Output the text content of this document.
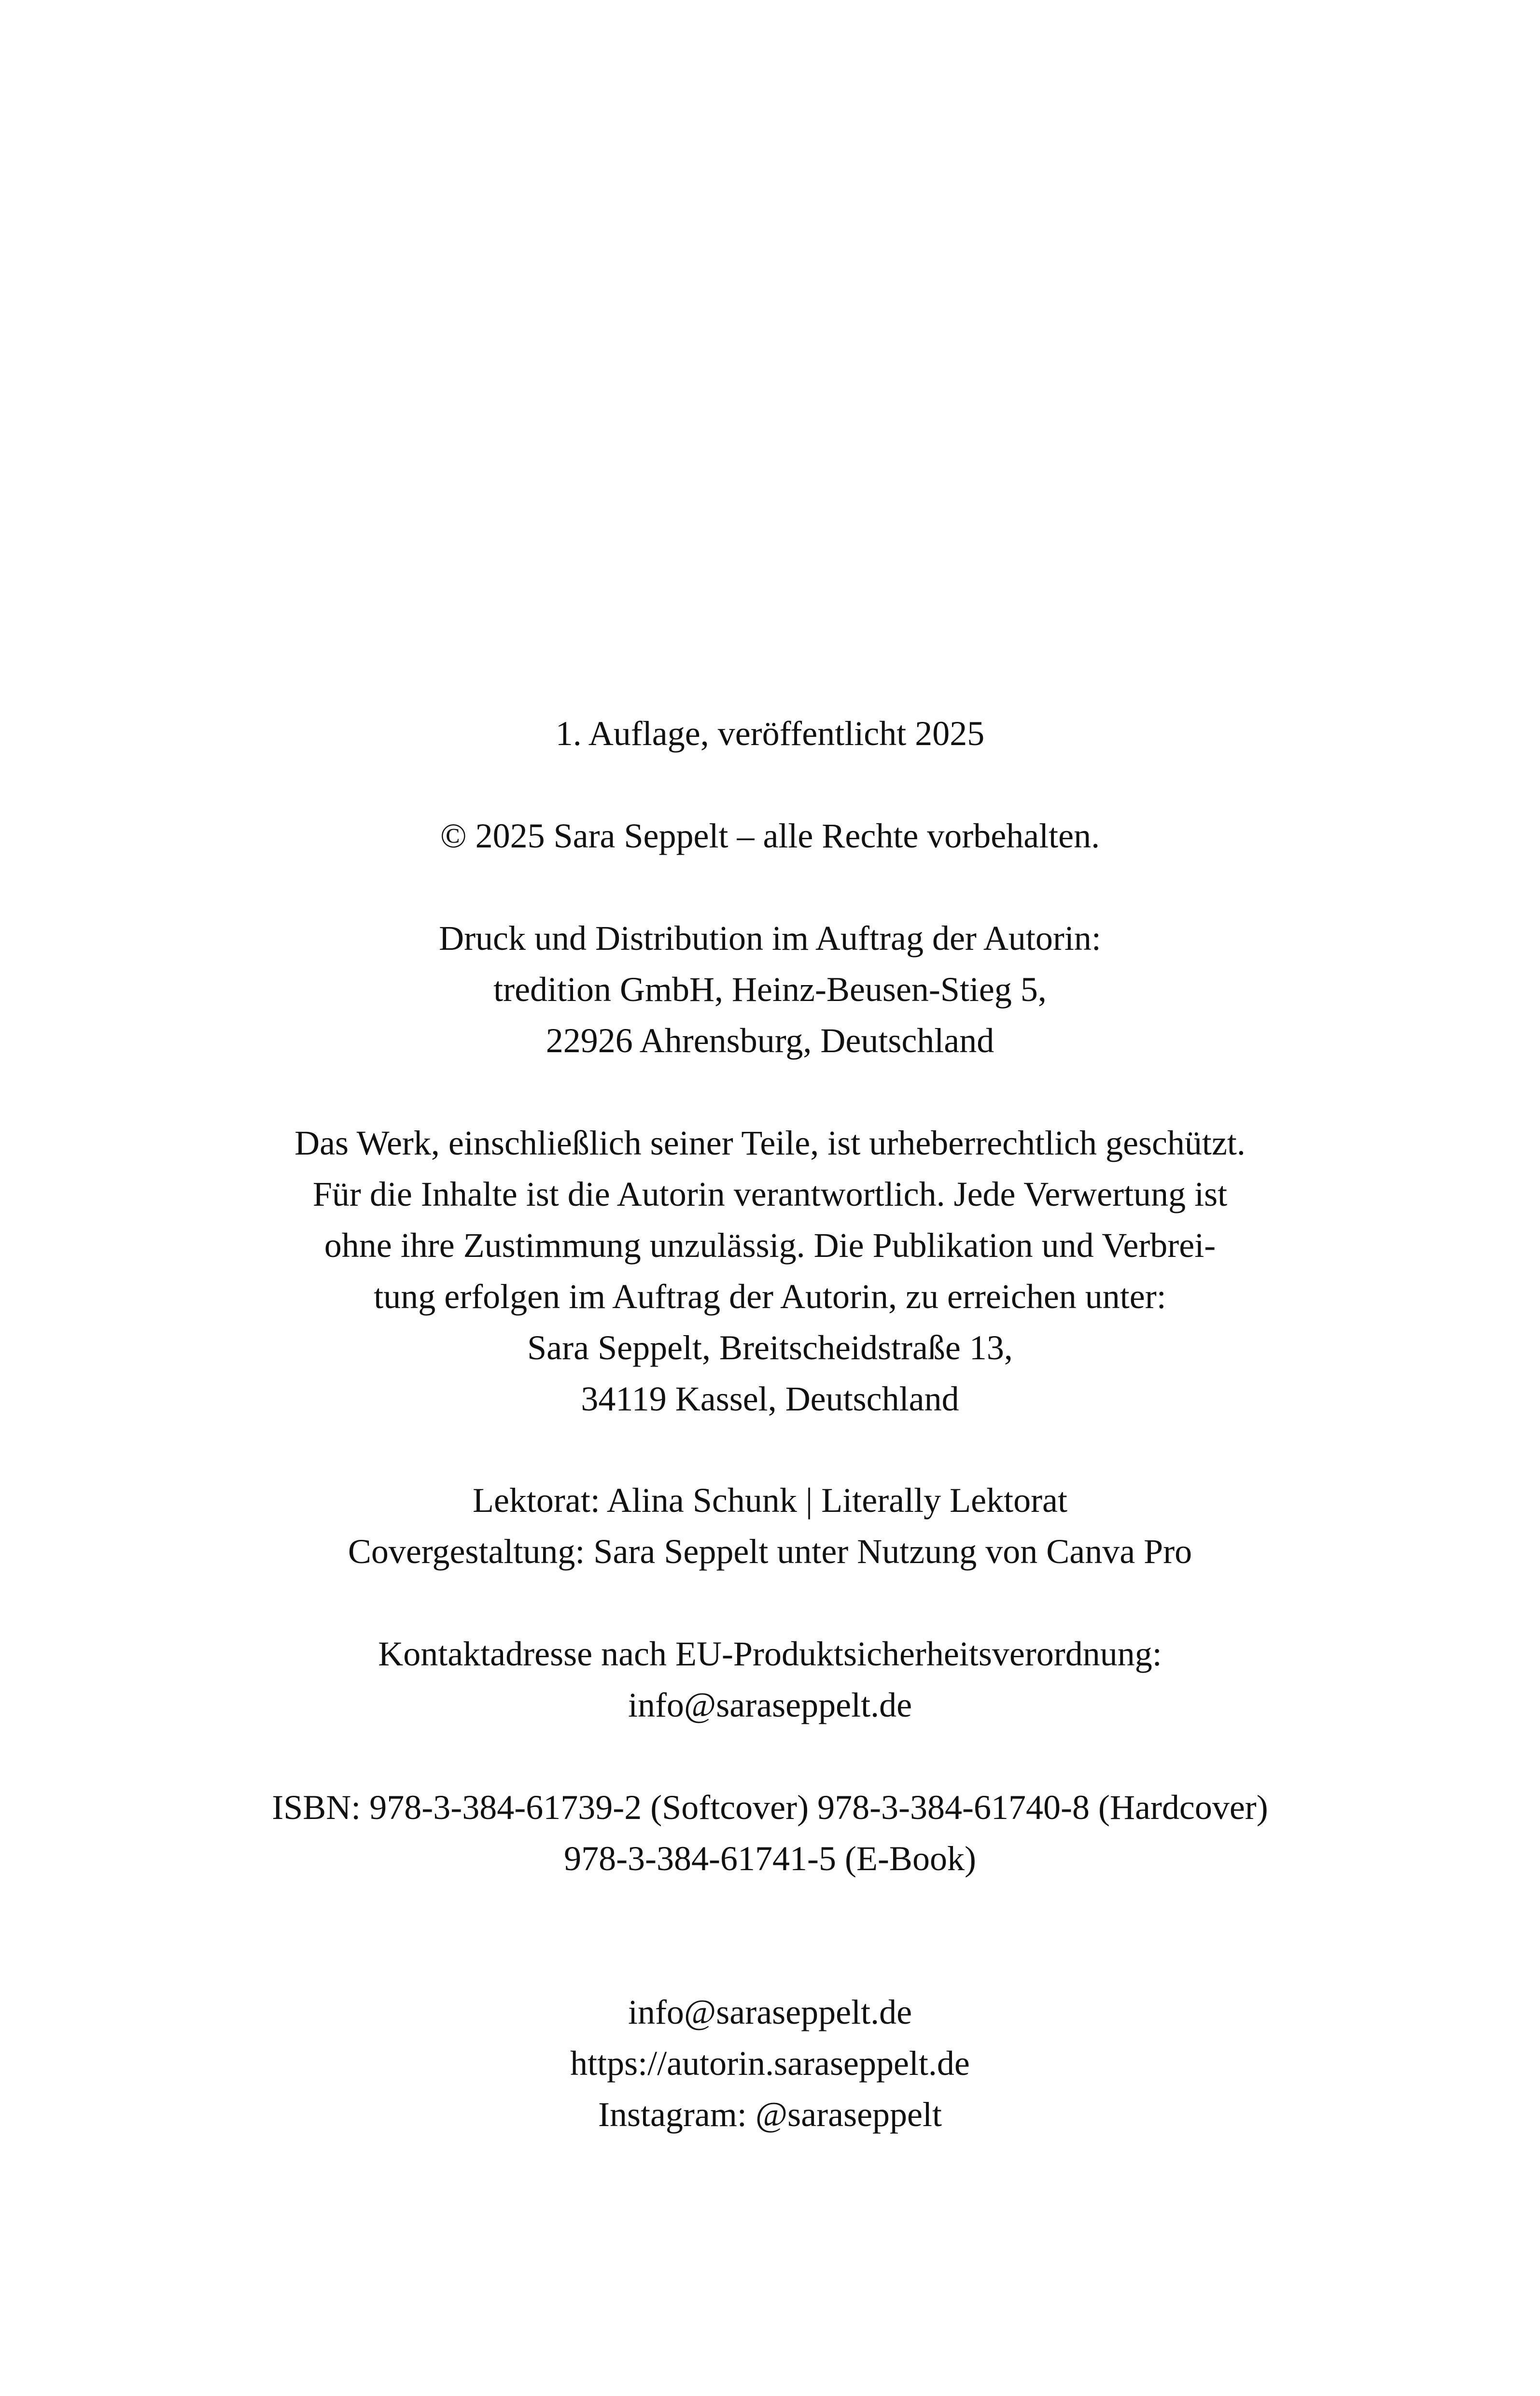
1. Auflage, veröffentlicht 2025
© 2025 Sara Seppelt – alle Rechte vorbehalten.
Druck und Distribution im Auftrag der Autorin:
tredition GmbH, Heinz-Beusen-Stieg 5,
22926 Ahrensburg, Deutschland
Das Werk, einschließlich seiner Teile, ist urheberrechtlich geschützt.
Für die Inhalte ist die Autorin verantwortlich. Jede Verwertung ist
ohne ihre Zustimmung unzulässig. Die Publikation und Verbrei-
tung erfolgen im Auftrag der Autorin, zu erreichen unter:
Sara Seppelt, Breitscheidstraße 13,
34119 Kassel, Deutschland
Lektorat: Alina Schunk | Literally Lektorat
Covergestaltung: Sara Seppelt unter Nutzung von Canva Pro
Kontaktadresse nach EU-Produktsicherheitsverordnung:
info@saraseppelt.de
ISBN: 978-3-384-61739-2 (Softcover) 978-3-384-61740-8 (Hardcover)
978-3-384-61741-5 (E-Book)
info@saraseppelt.de
https://autorin.saraseppelt.de
Instagram: @saraseppelt
